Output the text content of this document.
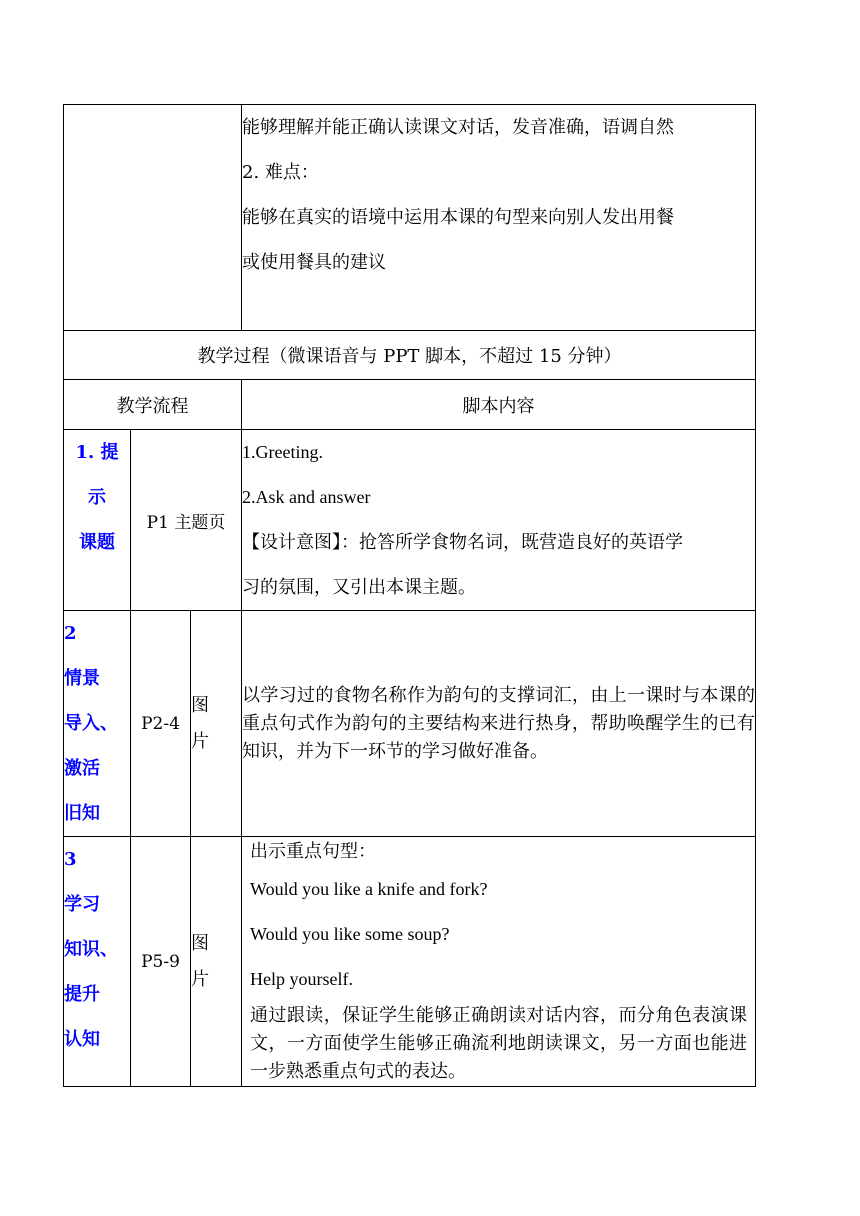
			能够理解并能正确认读课文对话，发音准确，语调自然
2. 难点：
能够在真实的语境中运用本课的句型来向别人发出用餐
或使用餐具的建议

教学过程（微课语音与 PPT 脚本，不超过 15 分钟）			
教学流程			脚本内容

1. 提
示
课题	P1 主题页		1.Greeting.
2.Ask and answer
【设计意图】：抢答所学食物名词，既营造良好的英语学
习的氛围，又引出本课主题。

2
情景
导入、
激活
旧知	P2-4	图
片	以学习过的食物名称作为韵句的支撑词汇，由上一课时与本课的重点句式作为韵句的主要结构来进行热身，帮助唤醒学生的已有知识，并为下一环节的学习做好准备。

3
学习
知识、
提升
认知	P5-9	图
片	出示重点句型：
Would you like a knife and fork?
Would you like some soup?
Help yourself.
通过跟读，保证学生能够正确朗读对话内容，而分角色表演课文，一方面使学生能够正确流利地朗读课文，另一方面也能进一步熟悉重点句式的表达。
